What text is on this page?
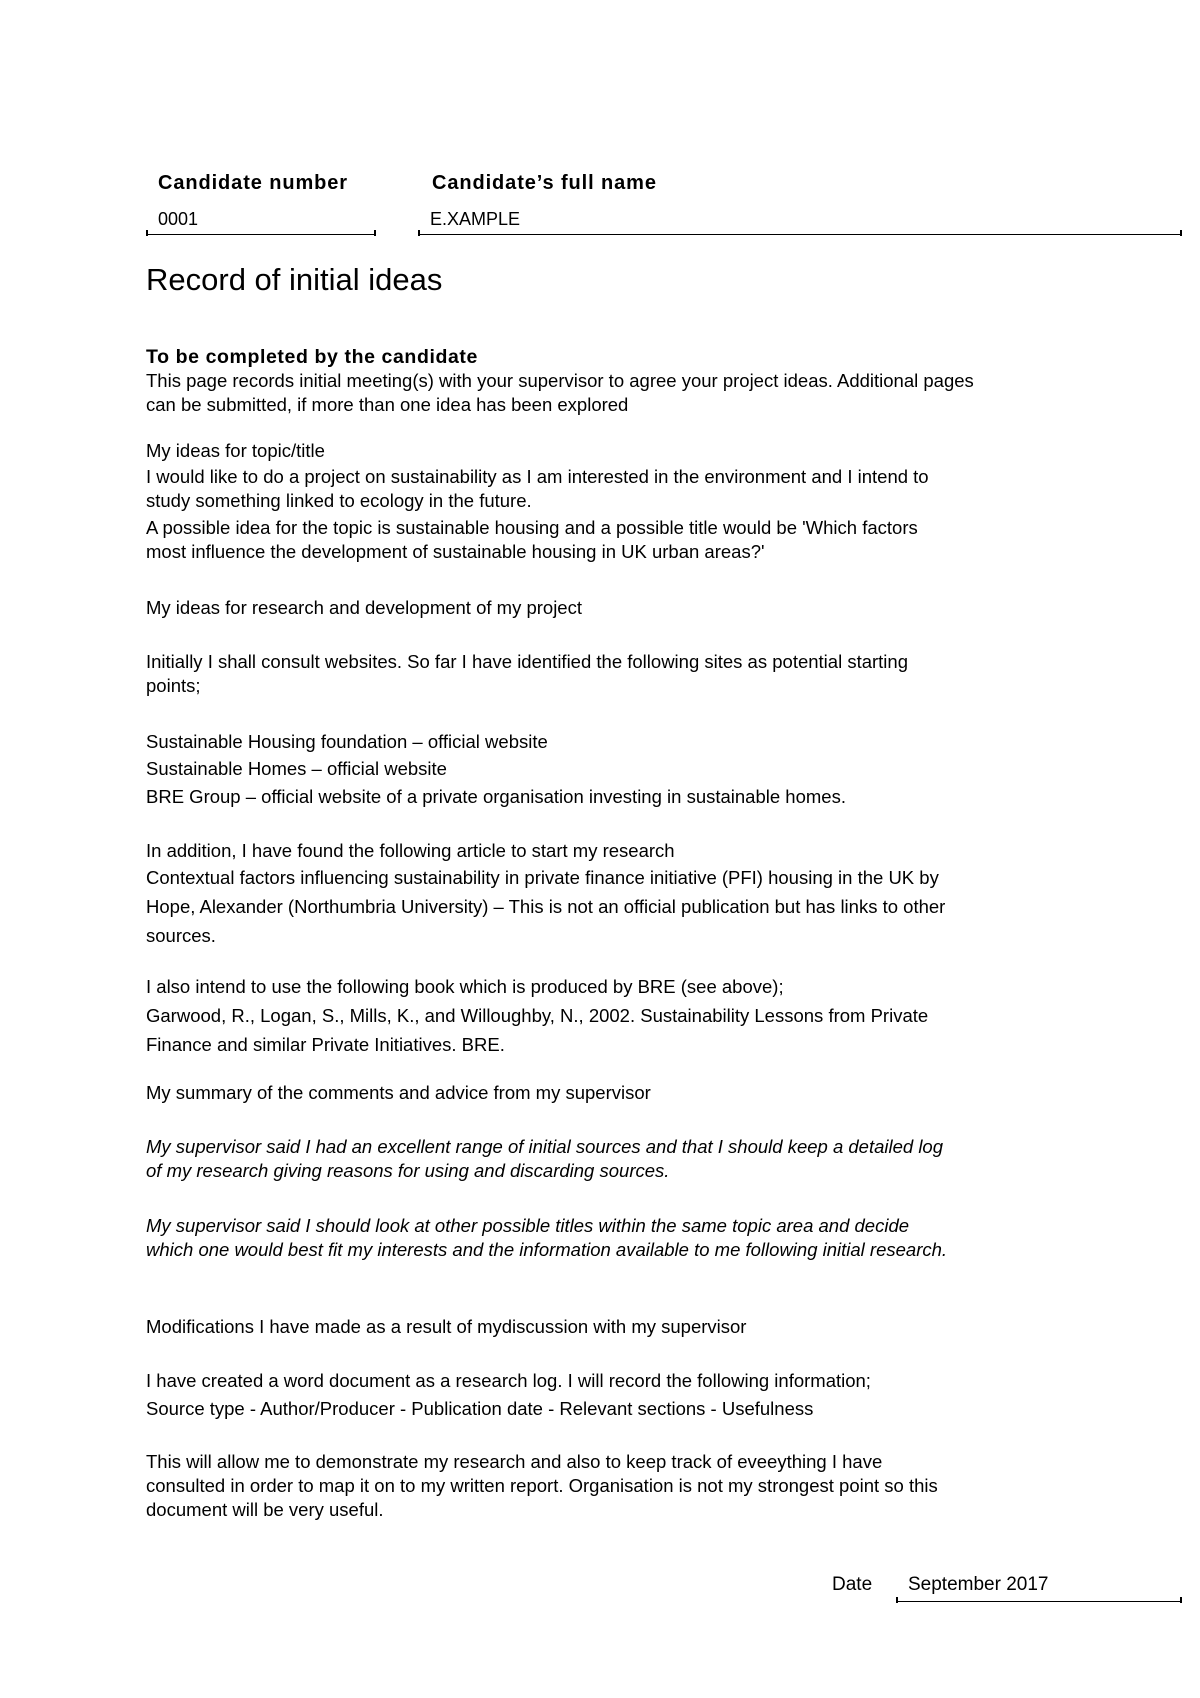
Candidate number	Candidate’s full name
0001	E.XAMPLE
Record of initial ideas

To be completed by the candidate

This page records initial meeting(s) with your supervisor to agree your project ideas. Additional pages

can be submitted, if more than one idea has been explored

My ideas for topic/title

I would like to do a project on sustainability as I am interested in the environment and I intend to

study something linked to ecology in the future.

A possible idea for the topic is sustainable housing and a possible title would be 'Which factors

most influence the development of sustainable housing in UK urban areas?'

My ideas for research and development of my project

Initially I shall consult websites. So far I have identified the following sites as potential starting

points;

Sustainable Housing foundation – official website

Sustainable Homes – official website

BRE Group – official website of a private organisation investing in sustainable homes.

In addition, I have found the following article to start my research

Contextual factors influencing sustainability in private finance initiative (PFI) housing in the UK by

Hope, Alexander (Northumbria University) – This is not an official publication but has links to other

sources.

I also intend to use the following book which is produced by BRE (see above);

Garwood, R., Logan, S., Mills, K., and Willoughby, N., 2002. Sustainability Lessons from Private

Finance and similar Private Initiatives. BRE.

My summary of the comments and advice from my supervisor

My supervisor said I had an excellent range of initial sources and that I should keep a detailed log

of my research giving reasons for using and discarding sources.

My supervisor said I should look at other possible titles within the same topic area and decide

which one would best fit my interests and the information available to me following initial research.

Modifications I have made as a result of mydiscussion with my supervisor

I have created a word document as a research log. I will record the following information;

Source type - Author/Producer - Publication date - Relevant sections - Usefulness

This will allow me to demonstrate my research and also to keep track of eveeything I have

consulted in order to map it on to my written report. Organisation is not my strongest point so this

document will be very useful.

Date September 2017
